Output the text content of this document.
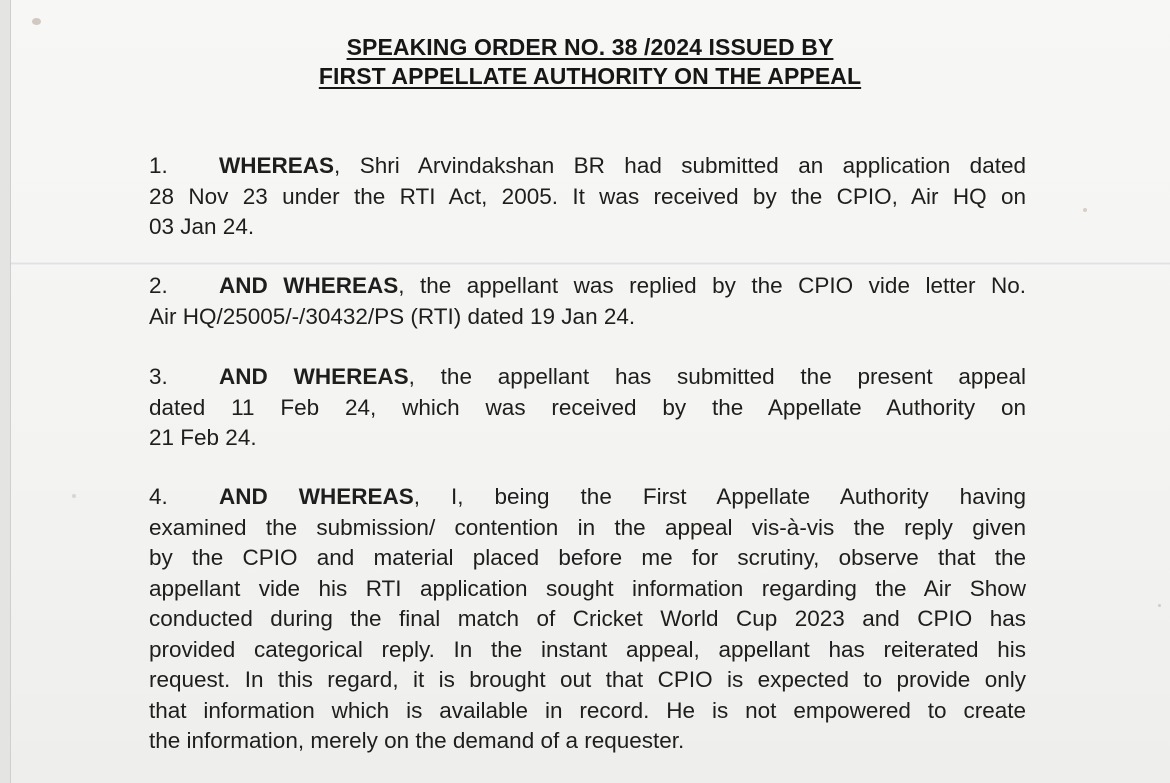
SPEAKING ORDER NO. 38 /2024 ISSUED BY
FIRST APPELLATE AUTHORITY ON THE APPEAL
1. WHEREAS, Shri Arvindakshan BR had submitted an application dated
28 Nov 23 under the RTI Act, 2005. It was received by the CPIO, Air HQ on
03 Jan 24.
2. AND WHEREAS, the appellant was replied by the CPIO vide letter No.
Air HQ/25005/-/30432/PS (RTI) dated 19 Jan 24.
3. AND WHEREAS, the appellant has submitted the present appeal
dated 11 Feb 24, which was received by the Appellate Authority on
21 Feb 24.
4. AND WHEREAS, I, being the First Appellate Authority having
examined the submission/ contention in the appeal vis-à-vis the reply given
by the CPIO and material placed before me for scrutiny, observe that the
appellant vide his RTI application sought information regarding the Air Show
conducted during the final match of Cricket World Cup 2023 and CPIO has
provided categorical reply. In the instant appeal, appellant has reiterated his
request. In this regard, it is brought out that CPIO is expected to provide only
that information which is available in record. He is not empowered to create
the information, merely on the demand of a requester.
